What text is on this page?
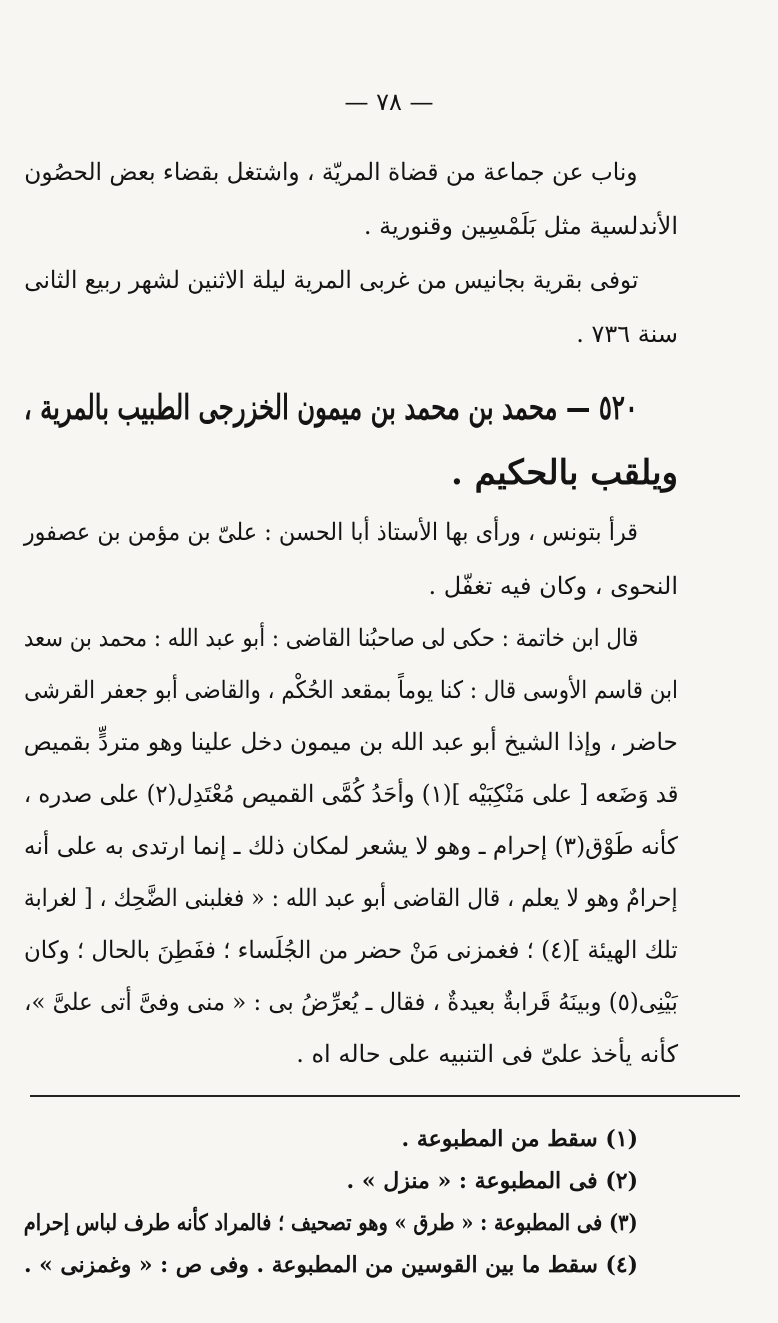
— ٧٨ —
وناب عن جماعة من قضاة المريّة ، واشتغل بقضاء بعض الحصُون
الأندلسية مثل بَلَمْسِين وقنورية .
توفى بقرية بجانيس من غربى المرية ليلة الاثنين لشهر ربيع الثانى
سنة ٧٣٦ .
٥٢٠ — محمد بن محمد بن ميمون الخزرجى الطبيب بالمرية ،
ويلقب بالحكيم .
قرأ بتونس ، ورأى بها الأستاذ أبا الحسن : علىّ بن مؤمن بن عصفور
النحوى ، وكان فيه تغفّل .
قال ابن خاتمة : حكى لى صاحبُنا القاضى : أبو عبد الله : محمد بن سعد
ابن قاسم الأوسى قال : كنا يوماً بمقعد الحُكْم ، والقاضى أبو جعفر القرشى
حاضر ، وإذا الشيخ أبو عبد الله بن ميمون دخل علينا وهو متردٍّ بقميص
قد وَضَعه [ على مَنْكِبَيْه ](١) وأحَدُ كُمَّى القميص مُعْتَدِل(٢) على صدره ،
كأنه طَوْق(٣) إحرام ـ وهو لا يشعر لمكان ذلك ـ إنما ارتدى به على أنه
إحرامٌ وهو لا يعلم ، قال القاضى أبو عبد الله : « فغلبنى الضَّحِك ، [ لغرابة
تلك الهيئة ](٤) ؛ فغمزنى مَنْ حضر من الجُلَساء ؛ ففَطِنَ بالحال ؛ وكان
بَيْنِى(٥) وبينَهُ قَرابةٌ بعيدةٌ ، فقال ـ يُعرِّضُ بى : « منى وفىَّ أتى علىَّ »،
كأنه يأخذ علىّ فى التنبيه على حاله اه .
(١) سقط من المطبوعة .
(٢) فى المطبوعة : « منزل » .
(٣) فى المطبوعة : « طرق » وهو تصحيف ؛ فالمراد كأنه طرف لباس إحرام
(٤) سقط ما بين القوسين من المطبوعة . وفى ص : « وغمزنى » .
